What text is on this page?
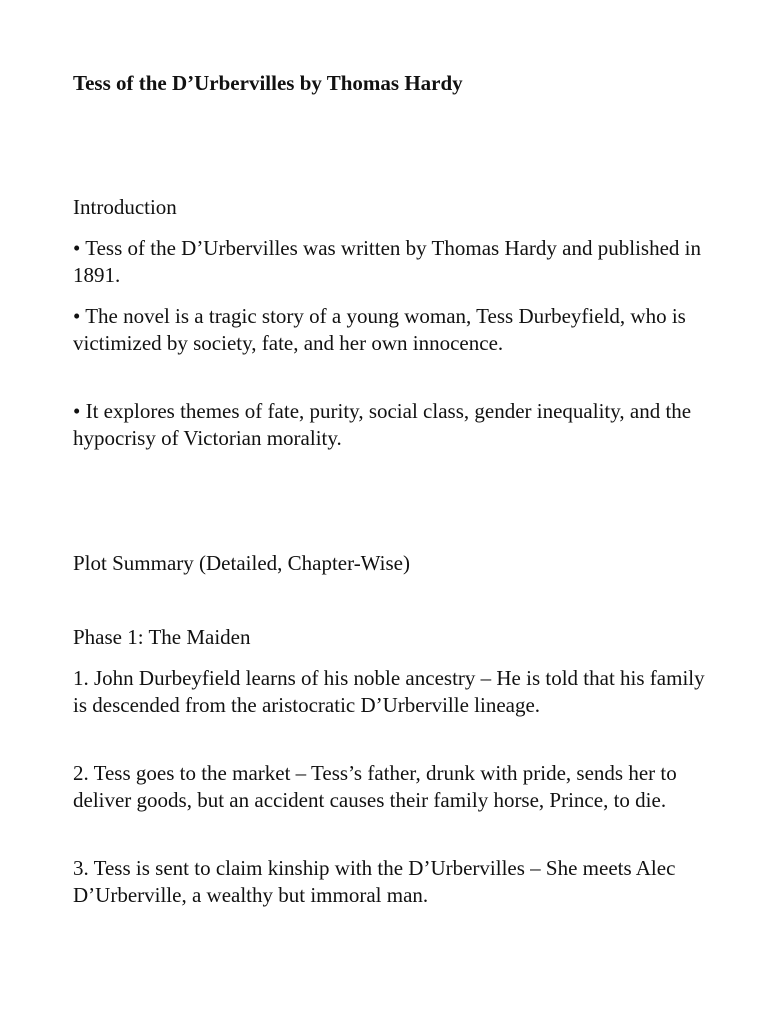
Tess of the D’Urbervilles by Thomas Hardy

Introduction

• Tess of the D’Urbervilles was written by Thomas Hardy and published in 1891.

• The novel is a tragic story of a young woman, Tess Durbeyfield, who is victimized by society, fate, and her own innocence.

• It explores themes of fate, purity, social class, gender inequality, and the hypocrisy of Victorian morality.

Plot Summary (Detailed, Chapter-Wise)

Phase 1: The Maiden

1. John Durbeyfield learns of his noble ancestry – He is told that his family is descended from the aristocratic D’Urberville lineage.

2. Tess goes to the market – Tess’s father, drunk with pride, sends her to deliver goods, but an accident causes their family horse, Prince, to die.

3. Tess is sent to claim kinship with the D’Urbervilles – She meets Alec D’Urberville, a wealthy but immoral man.
